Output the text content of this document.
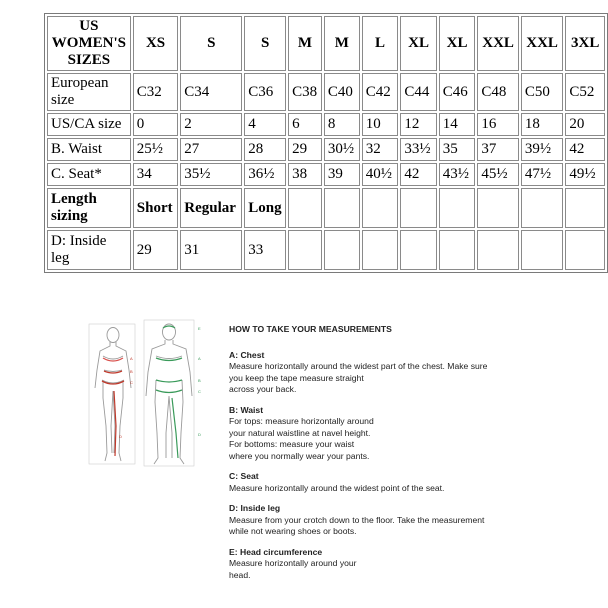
US WOMEN'S SIZES	XS	S	S	M	M	L	XL	XL	XXL	XXL	3XL
European size	C32	C34	C36	C38	C40	C42	C44	C46	C48	C50	C52
US/CA size	0	2	4	6	8	10	12	14	16	18	20
B. Waist	25½	27	28	29	30½	32	33½	35	37	39½	42
C. Seat*	34	35½	36½	38	39	40½	42	43½	45½	47½	49½
Length sizing	Short	Regular	Long								
D: Inside leg	29	31	33								
A
B
C
D
E
A
B
C
D
HOW TO TAKE YOUR MEASUREMENTS
A: Chest
Measure horizontally around the widest part of the chest. Make sure
you keep the tape measure straight
across your back.
B: Waist
For tops: measure horizontally around
your natural waistline at navel height.
For bottoms: measure your waist
where you normally wear your pants.
C: Seat
Measure horizontally around the widest point of the seat.
D: Inside leg
Measure from your crotch down to the floor. Take the measurement
while not wearing shoes or boots.
E: Head circumference
Measure horizontally around your
head.
